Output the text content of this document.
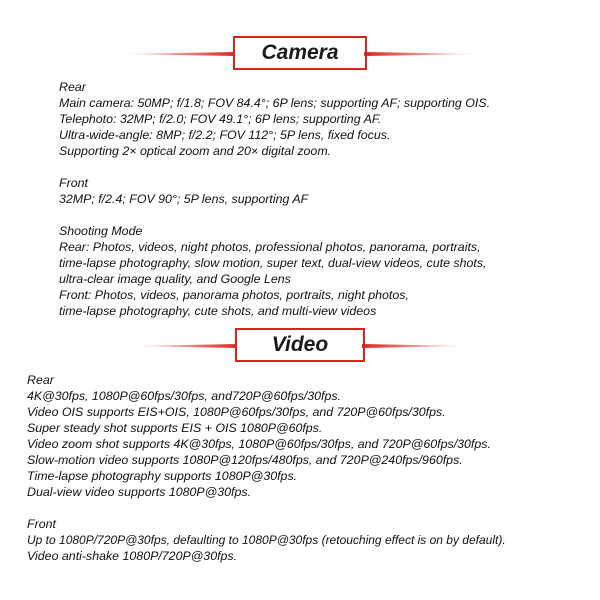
Camera
Rear
Main camera: 50MP; f/1.8; FOV 84.4°; 6P lens; supporting AF; supporting OIS.
Telephoto: 32MP; f/2.0; FOV 49.1°; 6P lens; supporting AF.
Ultra-wide-angle: 8MP; f/2.2; FOV 112°; 5P lens, fixed focus.
Supporting 2× optical zoom and 20× digital zoom.
Front
32MP; f/2.4; FOV 90°; 5P lens, supporting AF
Shooting Mode
Rear: Photos, videos, night photos, professional photos, panorama, portraits,
time-lapse photography, slow motion, super text, dual-view videos, cute shots,
ultra-clear image quality, and Google Lens
Front: Photos, videos, panorama photos, portraits, night photos,
time-lapse photography, cute shots, and multi-view videos
Video
Rear
4K@30fps, 1080P@60fps/30fps, and720P@60fps/30fps.
Video OIS supports EIS+OIS, 1080P@60fps/30fps, and 720P@60fps/30fps.
Super steady shot supports EIS + OIS 1080P@60fps.
Video zoom shot supports 4K@30fps, 1080P@60fps/30fps, and 720P@60fps/30fps.
Slow-motion video supports 1080P@120fps/480fps, and 720P@240fps/960fps.
Time-lapse photography supports 1080P@30fps.
Dual-view video supports 1080P@30fps.
Front
Up to 1080P/720P@30fps, defaulting to 1080P@30fps (retouching effect is on by default).
Video anti-shake 1080P/720P@30fps.
